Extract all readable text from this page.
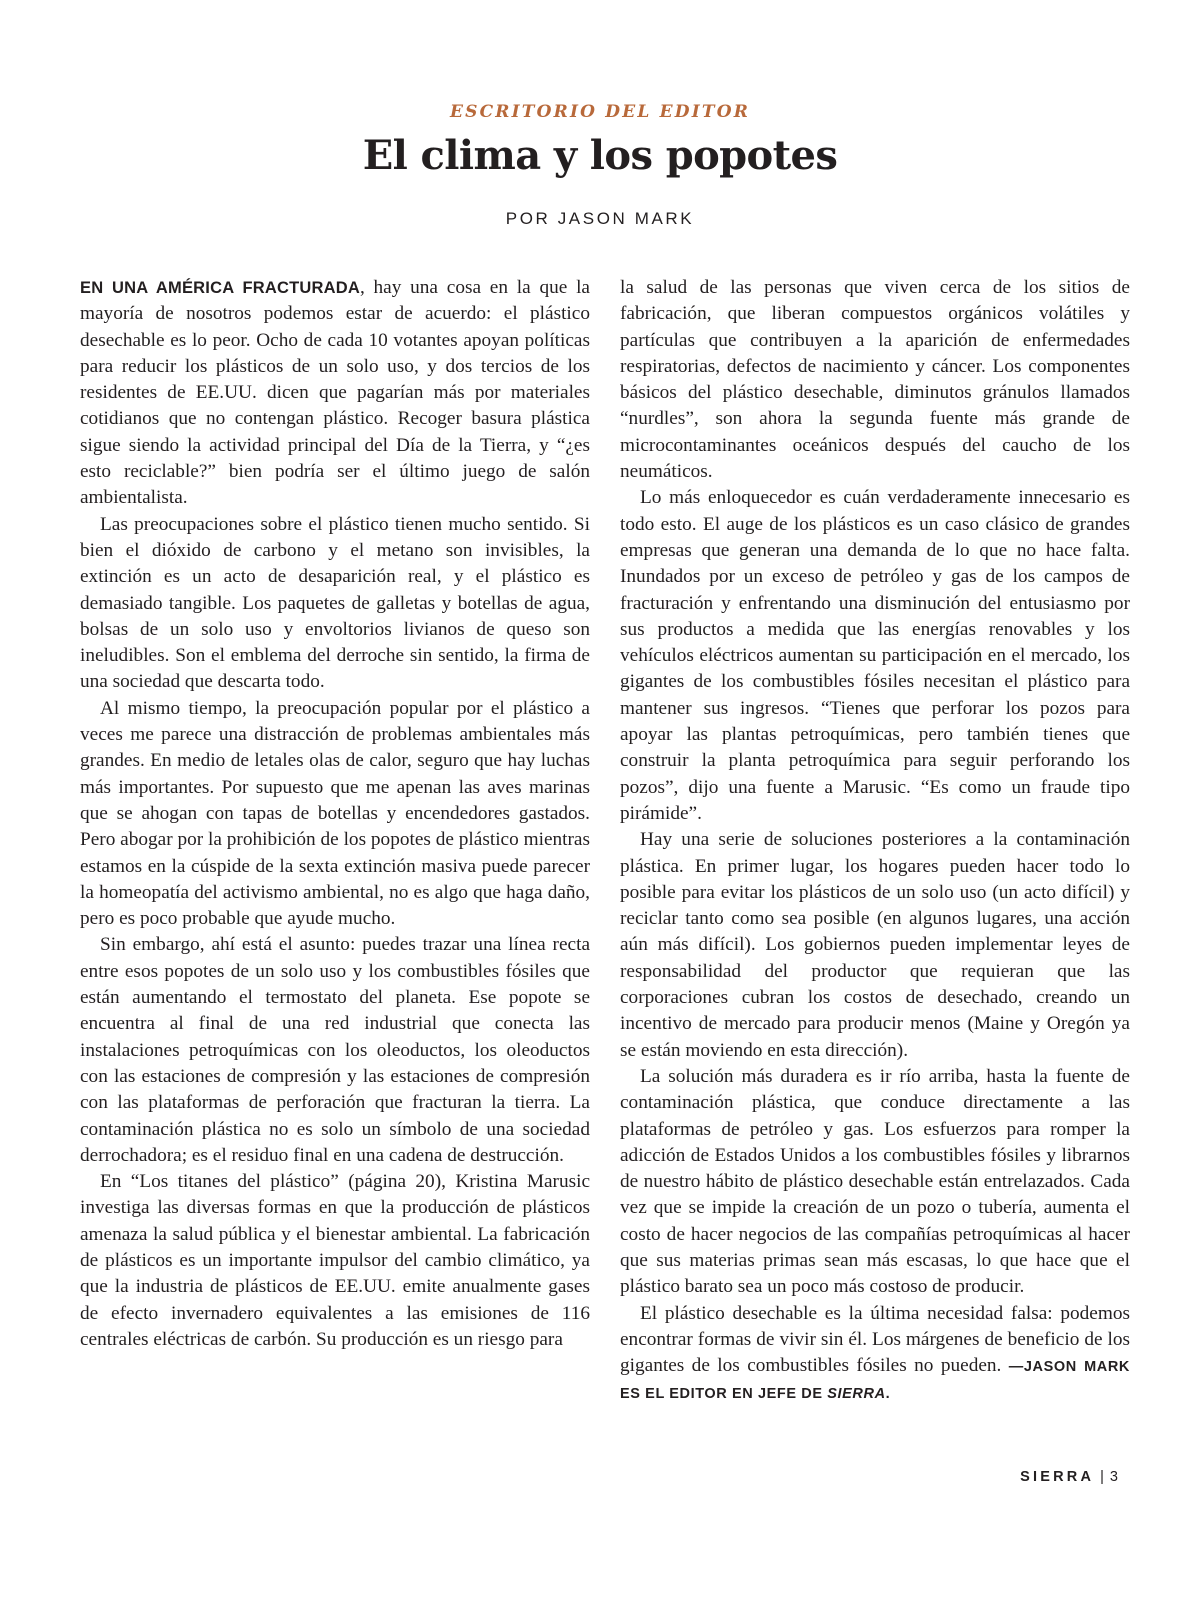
ESCRITORIO DEL EDITOR
El clima y los popotes
POR JASON MARK

EN UNA AMÉRICA FRACTURADA, hay una cosa en la que la mayoría de nosotros podemos estar de acuerdo: el plástico desechable es lo peor. Ocho de cada 10 votantes apoyan políticas para reducir los plásticos de un solo uso, y dos tercios de los residentes de EE.UU. dicen que pagarían más por materiales cotidianos que no contengan plástico. Recoger basura plástica sigue siendo la actividad principal del Día de la Tierra, y “¿es esto reciclable?” bien podría ser el último juego de salón ambientalista.

Las preocupaciones sobre el plástico tienen mucho sentido. Si bien el dióxido de carbono y el metano son invisibles, la extinción es un acto de desaparición real, y el plástico es demasiado tangible. Los paquetes de galletas y botellas de agua, bolsas de un solo uso y envoltorios livianos de queso son ineludibles. Son el emblema del derroche sin sentido, la firma de una sociedad que descarta todo.

Al mismo tiempo, la preocupación popular por el plástico a veces me parece una distracción de problemas ambientales más grandes. En medio de letales olas de calor, seguro que hay luchas más importantes. Por supuesto que me apenan las aves marinas que se ahogan con tapas de botellas y encendedores gastados. Pero abogar por la prohibición de los popotes de plástico mientras estamos en la cúspide de la sexta extinción masiva puede parecer la homeopatía del activismo ambiental, no es algo que haga daño, pero es poco probable que ayude mucho.

Sin embargo, ahí está el asunto: puedes trazar una línea recta entre esos popotes de un solo uso y los combustibles fósiles que están aumentando el termostato del planeta. Ese popote se encuentra al final de una red industrial que conecta las instalaciones petroquímicas con los oleoductos, los oleoductos con las estaciones de compresión y las estaciones de compresión con las plataformas de perforación que fracturan la tierra. La contaminación plástica no es solo un símbolo de una sociedad derrochadora; es el residuo final en una cadena de destrucción.

En “Los titanes del plástico” (página 20), Kristina Marusic investiga las diversas formas en que la producción de plásticos amenaza la salud pública y el bienestar ambiental. La fabricación de plásticos es un importante impulsor del cambio climático, ya que la industria de plásticos de EE.UU. emite anualmente gases de efecto invernadero equivalentes a las emisiones de 116 centrales eléctricas de carbón. Su producción es un riesgo para

la salud de las personas que viven cerca de los sitios de fabricación, que liberan compuestos orgánicos volátiles y partículas que contribuyen a la aparición de enfermedades respiratorias, defectos de nacimiento y cáncer. Los componentes básicos del plástico desechable, diminutos gránulos llamados “nurdles”, son ahora la segunda fuente más grande de microcontaminantes oceánicos después del caucho de los neumáticos.

Lo más enloquecedor es cuán verdaderamente innecesario es todo esto. El auge de los plásticos es un caso clásico de grandes empresas que generan una demanda de lo que no hace falta. Inundados por un exceso de petróleo y gas de los campos de fracturación y enfrentando una disminución del entusiasmo por sus productos a medida que las energías renovables y los vehículos eléctricos aumentan su participación en el mercado, los gigantes de los combustibles fósiles necesitan el plástico para mantener sus ingresos. “Tienes que perforar los pozos para apoyar las plantas petroquímicas, pero también tienes que construir la planta petroquímica para seguir perforando los pozos”, dijo una fuente a Marusic. “Es como un fraude tipo pirámide”.

Hay una serie de soluciones posteriores a la contaminación plástica. En primer lugar, los hogares pueden hacer todo lo posible para evitar los plásticos de un solo uso (un acto difícil) y reciclar tanto como sea posible (en algunos lugares, una acción aún más difícil). Los gobiernos pueden implementar leyes de responsabilidad del productor que requieran que las corporaciones cubran los costos de desechado, creando un incentivo de mercado para producir menos (Maine y Oregón ya se están moviendo en esta dirección).

La solución más duradera es ir río arriba, hasta la fuente de contaminación plástica, que conduce directamente a las plataformas de petróleo y gas. Los esfuerzos para romper la adicción de Estados Unidos a los combustibles fósiles y librarnos de nuestro hábito de plástico desechable están entrelazados. Cada vez que se impide la creación de un pozo o tubería, aumenta el costo de hacer negocios de las compañías petroquímicas al hacer que sus materias primas sean más escasas, lo que hace que el plástico barato sea un poco más costoso de producir.

El plástico desechable es la última necesidad falsa: podemos encontrar formas de vivir sin él. Los márgenes de beneficio de los gigantes de los combustibles fósiles no pueden. —JASON MARK ES EL EDITOR EN JEFE DE SIERRA.

SIERRA | 3
